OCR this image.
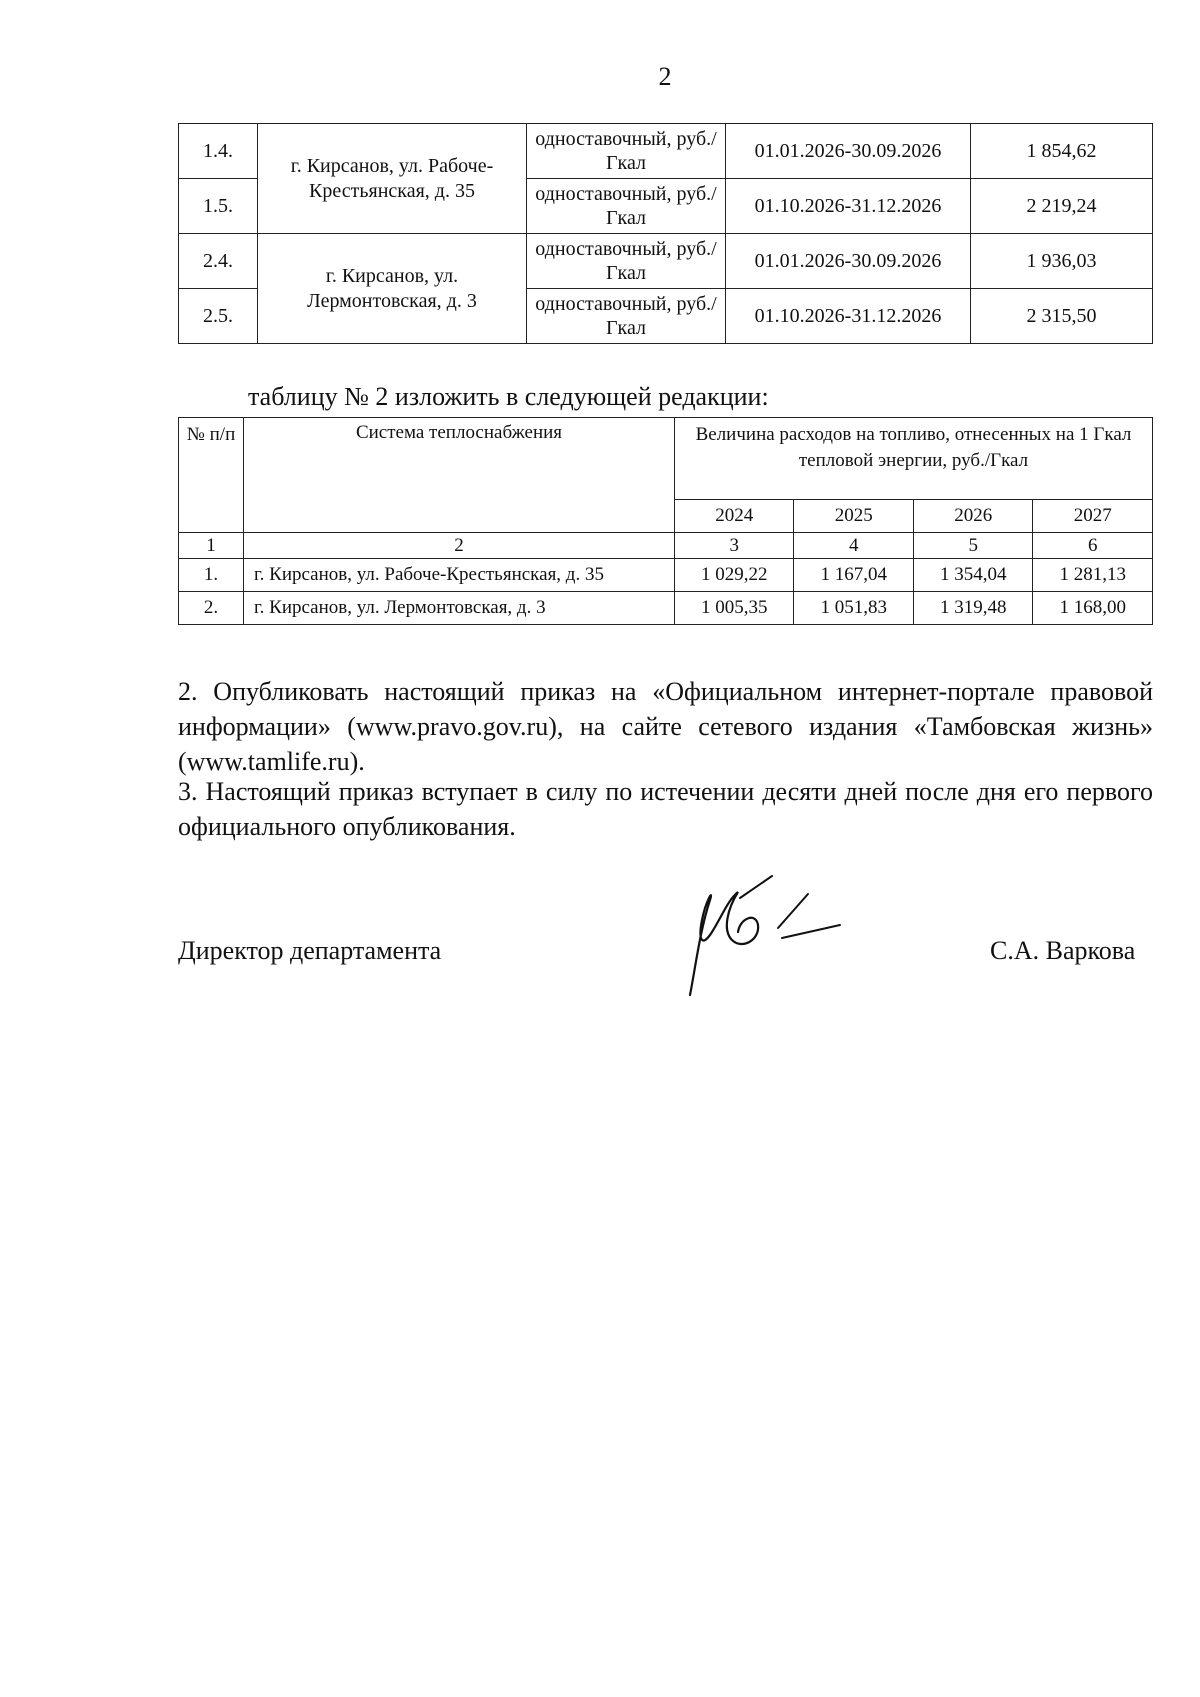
2
1.4.	г. Кирсанов, ул. Рабоче-Крестьянская, д. 35	одноставочный, руб./Гкал	01.01.2026-30.09.2026	1 854,62
1.5.		одноставочный, руб./Гкал	01.10.2026-31.12.2026	2 219,24
2.4.	г. Кирсанов, ул. Лермонтовская, д. 3	одноставочный, руб./Гкал	01.01.2026-30.09.2026	1 936,03
2.5.		одноставочный, руб./Гкал	01.10.2026-31.12.2026	2 315,50
таблицу № 2 изложить в следующей редакции:
№ п/п	Система теплоснабжения	Величина расходов на топливо, отнесенных на 1 Гкал тепловой энергии, руб./Гкал			
		2024	2025	2026	2027
1	2	3	4	5	6
1.	г. Кирсанов, ул. Рабоче-Крестьянская, д. 35	1 029,22	1 167,04	1 354,04	1 281,13
2.	г. Кирсанов, ул. Лермонтовская, д. 3	1 005,35	1 051,83	1 319,48	1 168,00
2. Опубликовать настоящий приказ на «Официальном интернет-портале правовой информации» (www.pravo.gov.ru), на сайте сетевого издания «Тамбовская жизнь» (www.tamlife.ru).
3. Настоящий приказ вступает в силу по истечении десяти дней после дня его первого официального опубликования.
Директор департамента	С.А. Варкова
